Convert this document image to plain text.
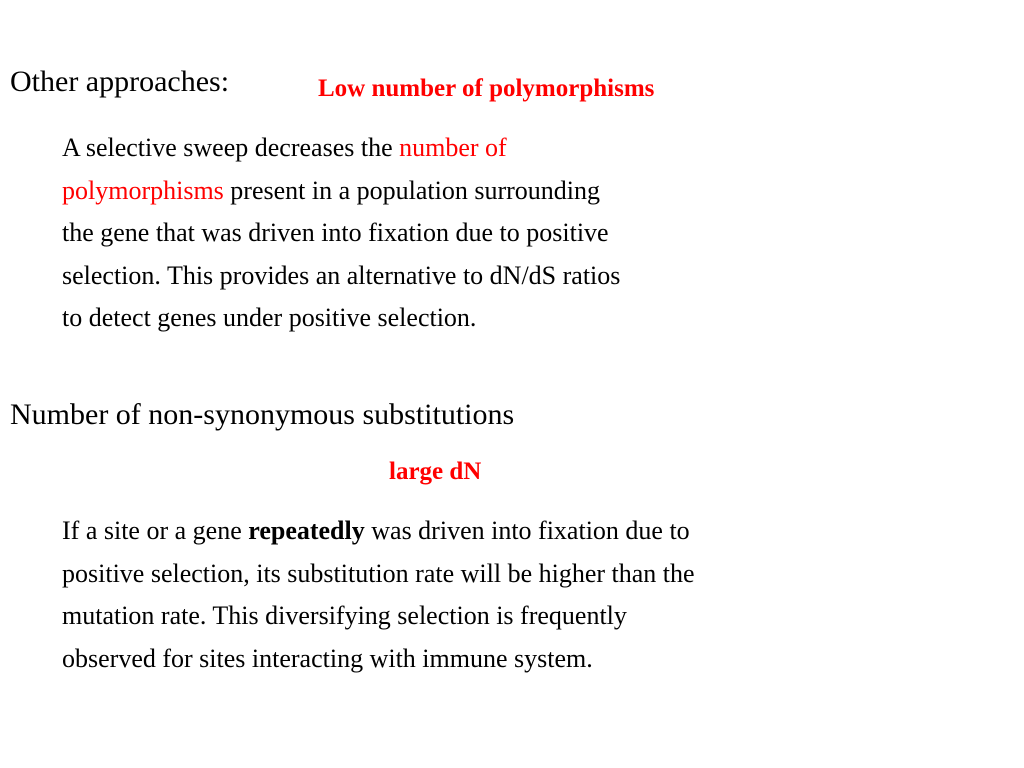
Other approaches:	Low number of polymorphisms
A selective sweep decreases the number of
polymorphisms present in a population surrounding
the gene that was driven into fixation due to positive
selection. This provides an alternative to dN/dS ratios
to detect genes under positive selection.
Number of non-synonymous substitutions
large dN
If a site or a gene repeatedly was driven into fixation due to
positive selection, its substitution rate will be higher than the
mutation rate. This diversifying selection is frequently
observed for sites interacting with immune system.
